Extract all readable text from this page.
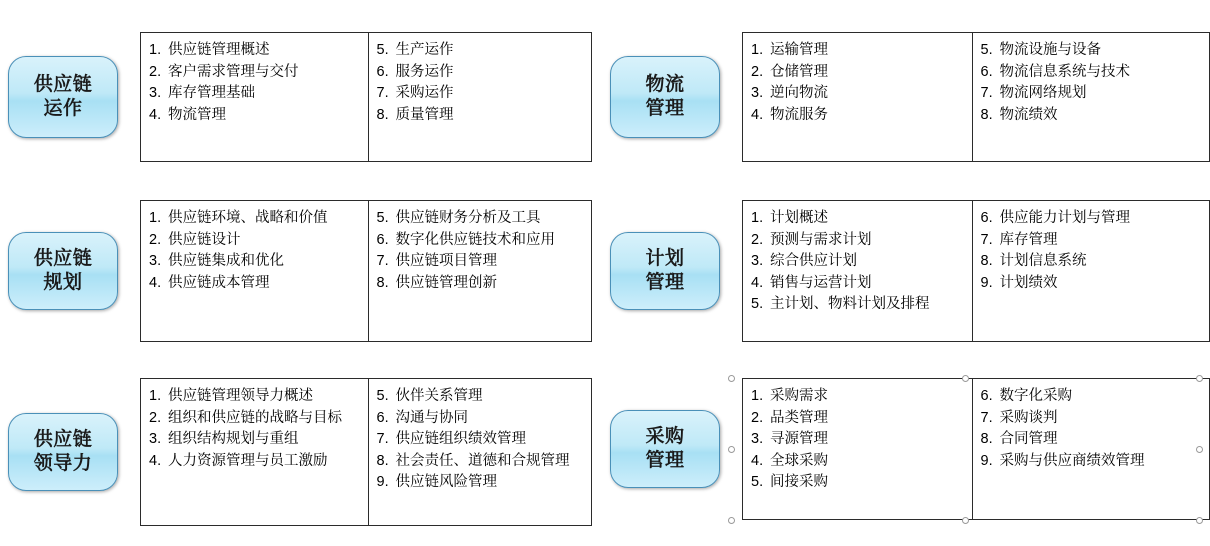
供应链
运作
1. 供应链管理概述
2. 客户需求管理与交付
3. 库存管理基础
4. 物流管理
5. 生产运作
6. 服务运作
7. 采购运作
8. 质量管理
物流
管理
1. 运输管理
2. 仓储管理
3. 逆向物流
4. 物流服务
5. 物流设施与设备
6. 物流信息系统与技术
7. 物流网络规划
8. 物流绩效
供应链
规划
1. 供应链环境、战略和价值
2. 供应链设计
3. 供应链集成和优化
4. 供应链成本管理
5. 供应链财务分析及工具
6. 数字化供应链技术和应用
7. 供应链项目管理
8. 供应链管理创新
计划
管理
1. 计划概述
2. 预测与需求计划
3. 综合供应计划
4. 销售与运营计划
5. 主计划、物料计划及排程
6. 供应能力计划与管理
7. 库存管理
8. 计划信息系统
9. 计划绩效
供应链
领导力
1. 供应链管理领导力概述
2. 组织和供应链的战略与目标
3. 组织结构规划与重组
4. 人力资源管理与员工激励
5. 伙伴关系管理
6. 沟通与协同
7. 供应链组织绩效管理
8. 社会责任、道德和合规管理
9. 供应链风险管理
采购
管理
1. 采购需求
2. 品类管理
3. 寻源管理
4. 全球采购
5. 间接采购
6. 数字化采购
7. 采购谈判
8. 合同管理
9. 采购与供应商绩效管理
